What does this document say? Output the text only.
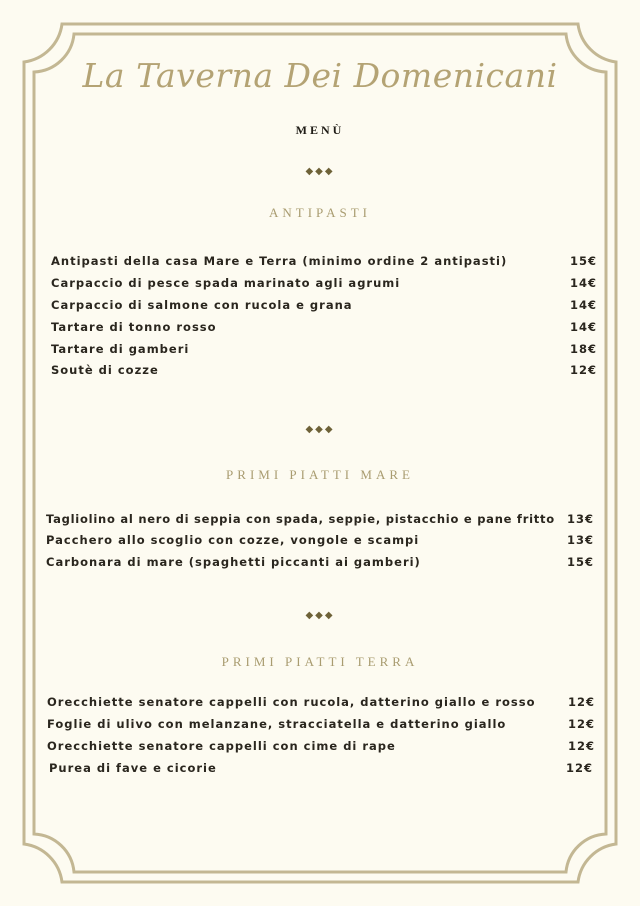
La Taverna Dei Domenicani
MENÙ
◆◆◆
ANTIPASTI
Antipasti della casa Mare e Terra (minimo ordine 2 antipasti)	15€
Carpaccio di pesce spada marinato agli agrumi	14€
Carpaccio di salmone con rucola e grana	14€
Tartare di tonno rosso	14€
Tartare di gamberi	18€
Soutè di cozze	12€
◆◆◆
PRIMI PIATTI MARE
Tagliolino al nero di seppia con spada, seppie, pistacchio e pane fritto	13€
Pacchero allo scoglio con cozze, vongole e scampi	13€
Carbonara di mare (spaghetti piccanti ai gamberi)	15€
◆◆◆
PRIMI PIATTI TERRA
Orecchiette senatore cappelli con rucola, datterino giallo e rosso	12€
Foglie di ulivo con melanzane, stracciatella e datterino giallo	12€
Orecchiette senatore cappelli con cime di rape	12€
Purea di fave e cicorie	12€
